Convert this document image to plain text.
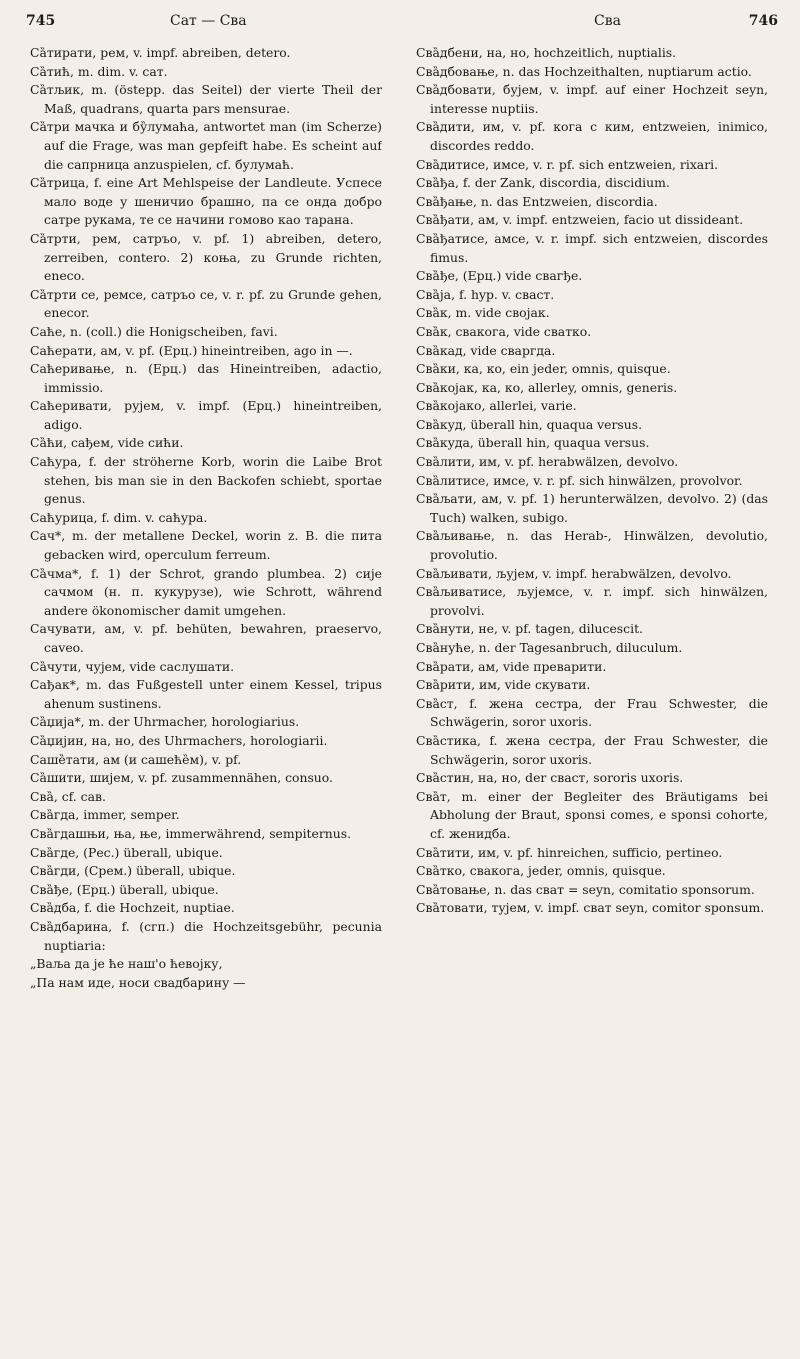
745	Сат — Сва	Сва	746

Са̏тирати, рем, v. impf. abreiben, detero.

Са̏тић, m. dim. v. сат.

Са̏тљик, m. (östeрр. das Seitel) der vierte Theil der Maß, quadrans, quarta pars mensurae.

Са̏три мачка и бу̏лумаћа, antwortet man (im Scherze) auf die Frage, was man gepfeift habe. Es scheint auf die сапрница anzuspielen, cf. булумаћ.

Са̏трица, f. eine Art Mehlspeise der Landleute. Успесе мало воде у шеничио брашно, па се онда добро сатре рукама, те се начини гомово као тарана.

Са̏трти, рем, сатръо, v. pf. 1) abreiben, detero, zerreiben, contero. 2) коња, zu Grunde richten, eneco.

Са̏трти се, ремсе, сатръо се, v. r. pf. zu Grunde gehen, enecor.

Саће, n. (coll.) die Honigscheiben, favi.

Саћерати, ам, v. pf. (Ерц.) hineintreiben, ago in —.

Саћеривање, n. (Ерц.) das Hineintreiben, adactio, immissio.

Саћеривати, рујем, v. impf. (Ерц.) hineintreiben, adigo.

Са̏ћи, сађем, vide сићи.

Саћура, f. der ströherne Korb, worin die Laibe Brot stehen, bis man sie in den Backofen schiebt, sportae genus.

Саћурица, f. dim. v. саћура.

Сач*, m. der metallene Deckel, worin z. B. die пита gebacken wird, operculum ferreum.

Са̏чма*, f. 1) der Schrot, grando plumbea. 2) сије сачмом (н. п. кукурузе), wie Schrott, während andere ökonomischer damit umgehen.

Сачувати, ам, v. pf. behüten, bewahren, praeservo, caveo.

Са̏чути, чујем, vide саслушати.

Сађак*, m. das Fußgestell unter einem Kessel, tripus ahenum sustinens.

Са̏џија*, m. der Uhrmacher, horologiarius.

Са̏џијин, на, но, des Uhrmachers, horologiarii.

Саше̏тати, ам (и сашеће̏м), v. pf.

Са̏шити, шијем, v. pf. zusammennähen, consuo.

Сва̏, cf. сав.

Сва̏гда, immer, semper.

Сва̏гдашњи, ња, ње, immerwährend, sempiternus.

Сва̏где, (Рес.) überall, ubique.

Сва̏гди, (Срем.) überall, ubique.

Сва̏ђе, (Ерц.) überall, ubique.

Сва̏дба, f. die Hochzeit, nuptiae.

Сва̏дбарина, f. (сгп.) die Hochzeitsgebühr, pecunia nuptiaria:

„Ваља да је ће наш'о ћевојку,

„Па нам иде, носи свадбарину —

Сва̏дбени, на, но, hochzeitlich, nuptialis.

Сва̏дбовање, n. das Hochzeithalten, nuptiarum actio.

Сва̏дбовати, бујем, v. impf. auf einer Hochzeit seyn, interesse nuptiis.

Сва̏дити, им, v. pf. кога с ким, entzweien, inimico, discordes reddo.

Сва̏дитисе, имсе, v. r. pf. sich entzweien, rixari.

Сва̏ђа, f. der Zank, discordia, discidium.

Сва̏ђање, n. das Entzweien, discordia.

Сва̏ђати, ам, v. impf. entzweien, facio ut dissideant.

Сва̏ђатисе, амсе, v. r. impf. sich entzweien, discordes fimus.

Сва̏ђе, (Ерц.) vide свагђе.

Сва̏ја, f. hyp. v. сваст.

Сва̏к, m. vide својак.

Сва̏к, свакога, vide сватко.

Сва̏кад, vide сваргда.

Сва̏ки, ка, ко, ein jeder, omnis, quisque.

Сва̏којак, ка, ко, allerley, omnis, generis.

Сва̏којако, allerlei, varie.

Сва̏куд, überall hin, quaqua versus.

Сва̏куда, überall hin, quaqua versus.

Сва̏лити, им, v. pf. herabwälzen, devolvo.

Сва̏литисе, имсе, v. r. pf. sich hinwälzen, provolvor.

Сва̏љати, ам, v. pf. 1) herunterwälzen, devolvo. 2) (das Tuch) walken, subigo.

Сва̏љивање, n. das Herab-, Hinwälzen, devolutio, provolutio.

Сва̏љивати, љујем, v. impf. herabwälzen, devolvo.

Сва̏љиватисе, љујемсе, v. r. impf. sich hinwälzen, provolvi.

Сва̏нути, не, v. pf. tagen, dilucescit.

Сва̏нуће, n. der Tagesanbruch, diluculum.

Сва̏рати, ам, vide преварити.

Сва̏рити, им, vide скувати.

Сва̏ст, f. жена сестра, der Frau Schwester, die Schwägerin, soror uxoris.

Сва̏стика, f. жена сестра, der Frau Schwester, die Schwägerin, soror uxoris.

Сва̏стин, на, но, der сваст, sororis uxoris.

Сва̏т, m. einer der Begleiter des Bräutigams bei Abholung der Braut, sponsi comes, e sponsi cohorte, cf. женидба.

Сва̏тити, им, v. pf. hinreichen, sufficio, pertineo.

Сва̏тко, свакога, jeder, omnis, quisque.

Сва̏товање, n. das сват = seyn, comitatio sponsorum.

Сва̏товати, тујем, v. impf. сват seyn, comitor sponsum.
